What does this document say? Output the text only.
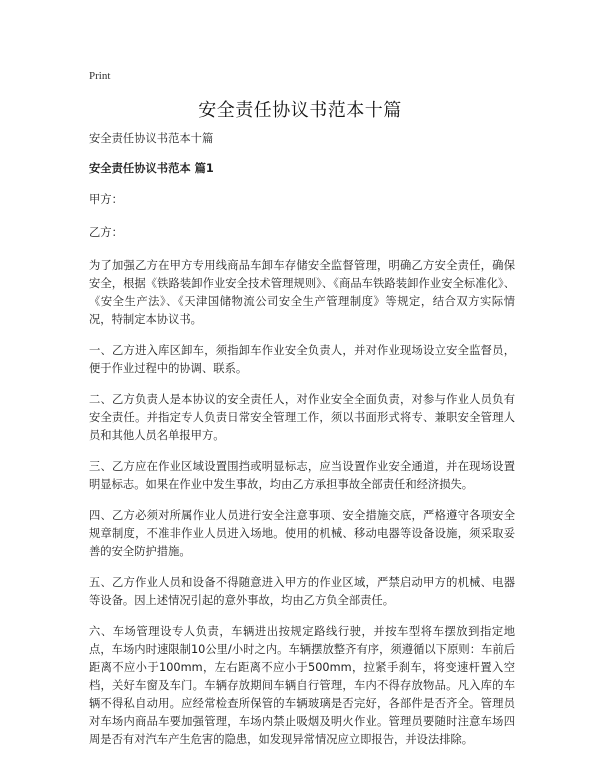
Print
安全责任协议书范本十篇

安全责任协议书范本十篇

安全责任协议书范本 篇1

甲方：

乙方：

为了加强乙方在甲方专用线商品车卸车存储安全监督管理，明确乙方安全责任，确保安全，根据《铁路装卸作业安全技术管理规则》、《商品车铁路装卸作业安全标准化》、《安全生产法》、《天津国储物流公司安全生产管理制度》等规定，结合双方实际情况，特制定本协议书。

一、乙方进入库区卸车，须指卸车作业安全负责人，并对作业现场设立安全监督员，便于作业过程中的协调、联系。

二、乙方负责人是本协议的安全责任人，对作业安全全面负责，对参与作业人员负有安全责任。并指定专人负责日常安全管理工作，须以书面形式将专、兼职安全管理人员和其他人员名单报甲方。

三、乙方应在作业区域设置围挡或明显标志，应当设置作业安全通道，并在现场设置明显标志。如果在作业中发生事故，均由乙方承担事故全部责任和经济损失。

四、乙方必须对所属作业人员进行安全注意事项、安全措施交底，严格遵守各项安全规章制度，不准非作业人员进入场地。使用的机械、移动电器等设备设施，须采取妥善的安全防护措施。

五、乙方作业人员和设备不得随意进入甲方的作业区域，严禁启动甲方的机械、电器等设备。因上述情况引起的意外事故，均由乙方负全部责任。

六、车场管理设专人负责，车辆进出按规定路线行驶，并按车型将车摆放到指定地点，车场内时速限制10公里/小时之内。车辆摆放整齐有序，须遵循以下原则：车前后距离不应小于100mm，左右距离不应小于500mm，拉紧手刹车，将变速杆置入空档，关好车窗及车门。车辆存放期间车辆自行管理，车内不得存放物品。凡入库的车辆不得私自动用。应经常检查所保管的车辆玻璃是否完好，各部件是否齐全。管理员对车场内商品车要加强管理，车场内禁止吸烟及明火作业。管理员要随时注意车场四周是否有对汽车产生危害的隐患，如发现异常情况应立即报告，并设法排除。
